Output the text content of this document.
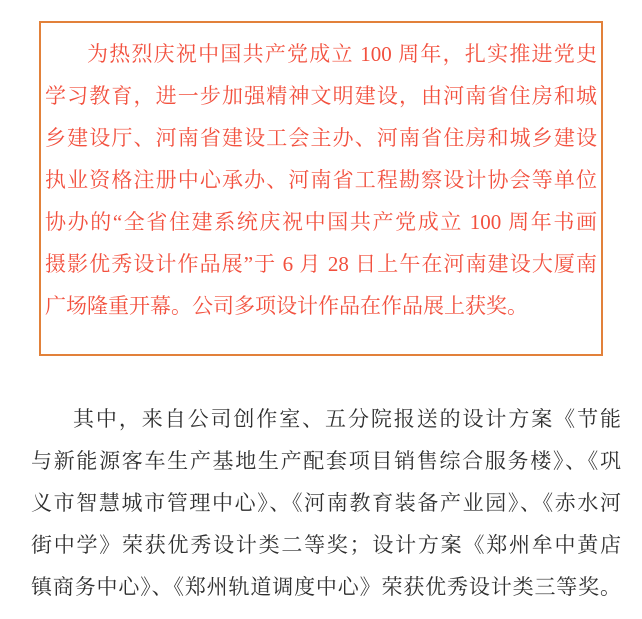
为热烈庆祝中国共产党成立 100 周年，扎实推进党史
学习教育，进一步加强精神文明建设，由河南省住房和城
乡建设厅、河南省建设工会主办、河南省住房和城乡建设
执业资格注册中心承办、河南省工程勘察设计协会等单位
协办的“全省住建系统庆祝中国共产党成立 100 周年书画
摄影优秀设计作品展”于 6 月 28 日上午在河南建设大厦南
广场隆重开幕。公司多项设计作品在作品展上获奖。
其中，来自公司创作室、五分院报送的设计方案《节能
与新能源客车生产基地生产配套项目销售综合服务楼》、《巩
义市智慧城市管理中心》、《河南教育装备产业园》、《赤水河
街中学》荣获优秀设计类二等奖；设计方案《郑州牟中黄店
镇商务中心》、《郑州轨道调度中心》荣获优秀设计类三等奖。
